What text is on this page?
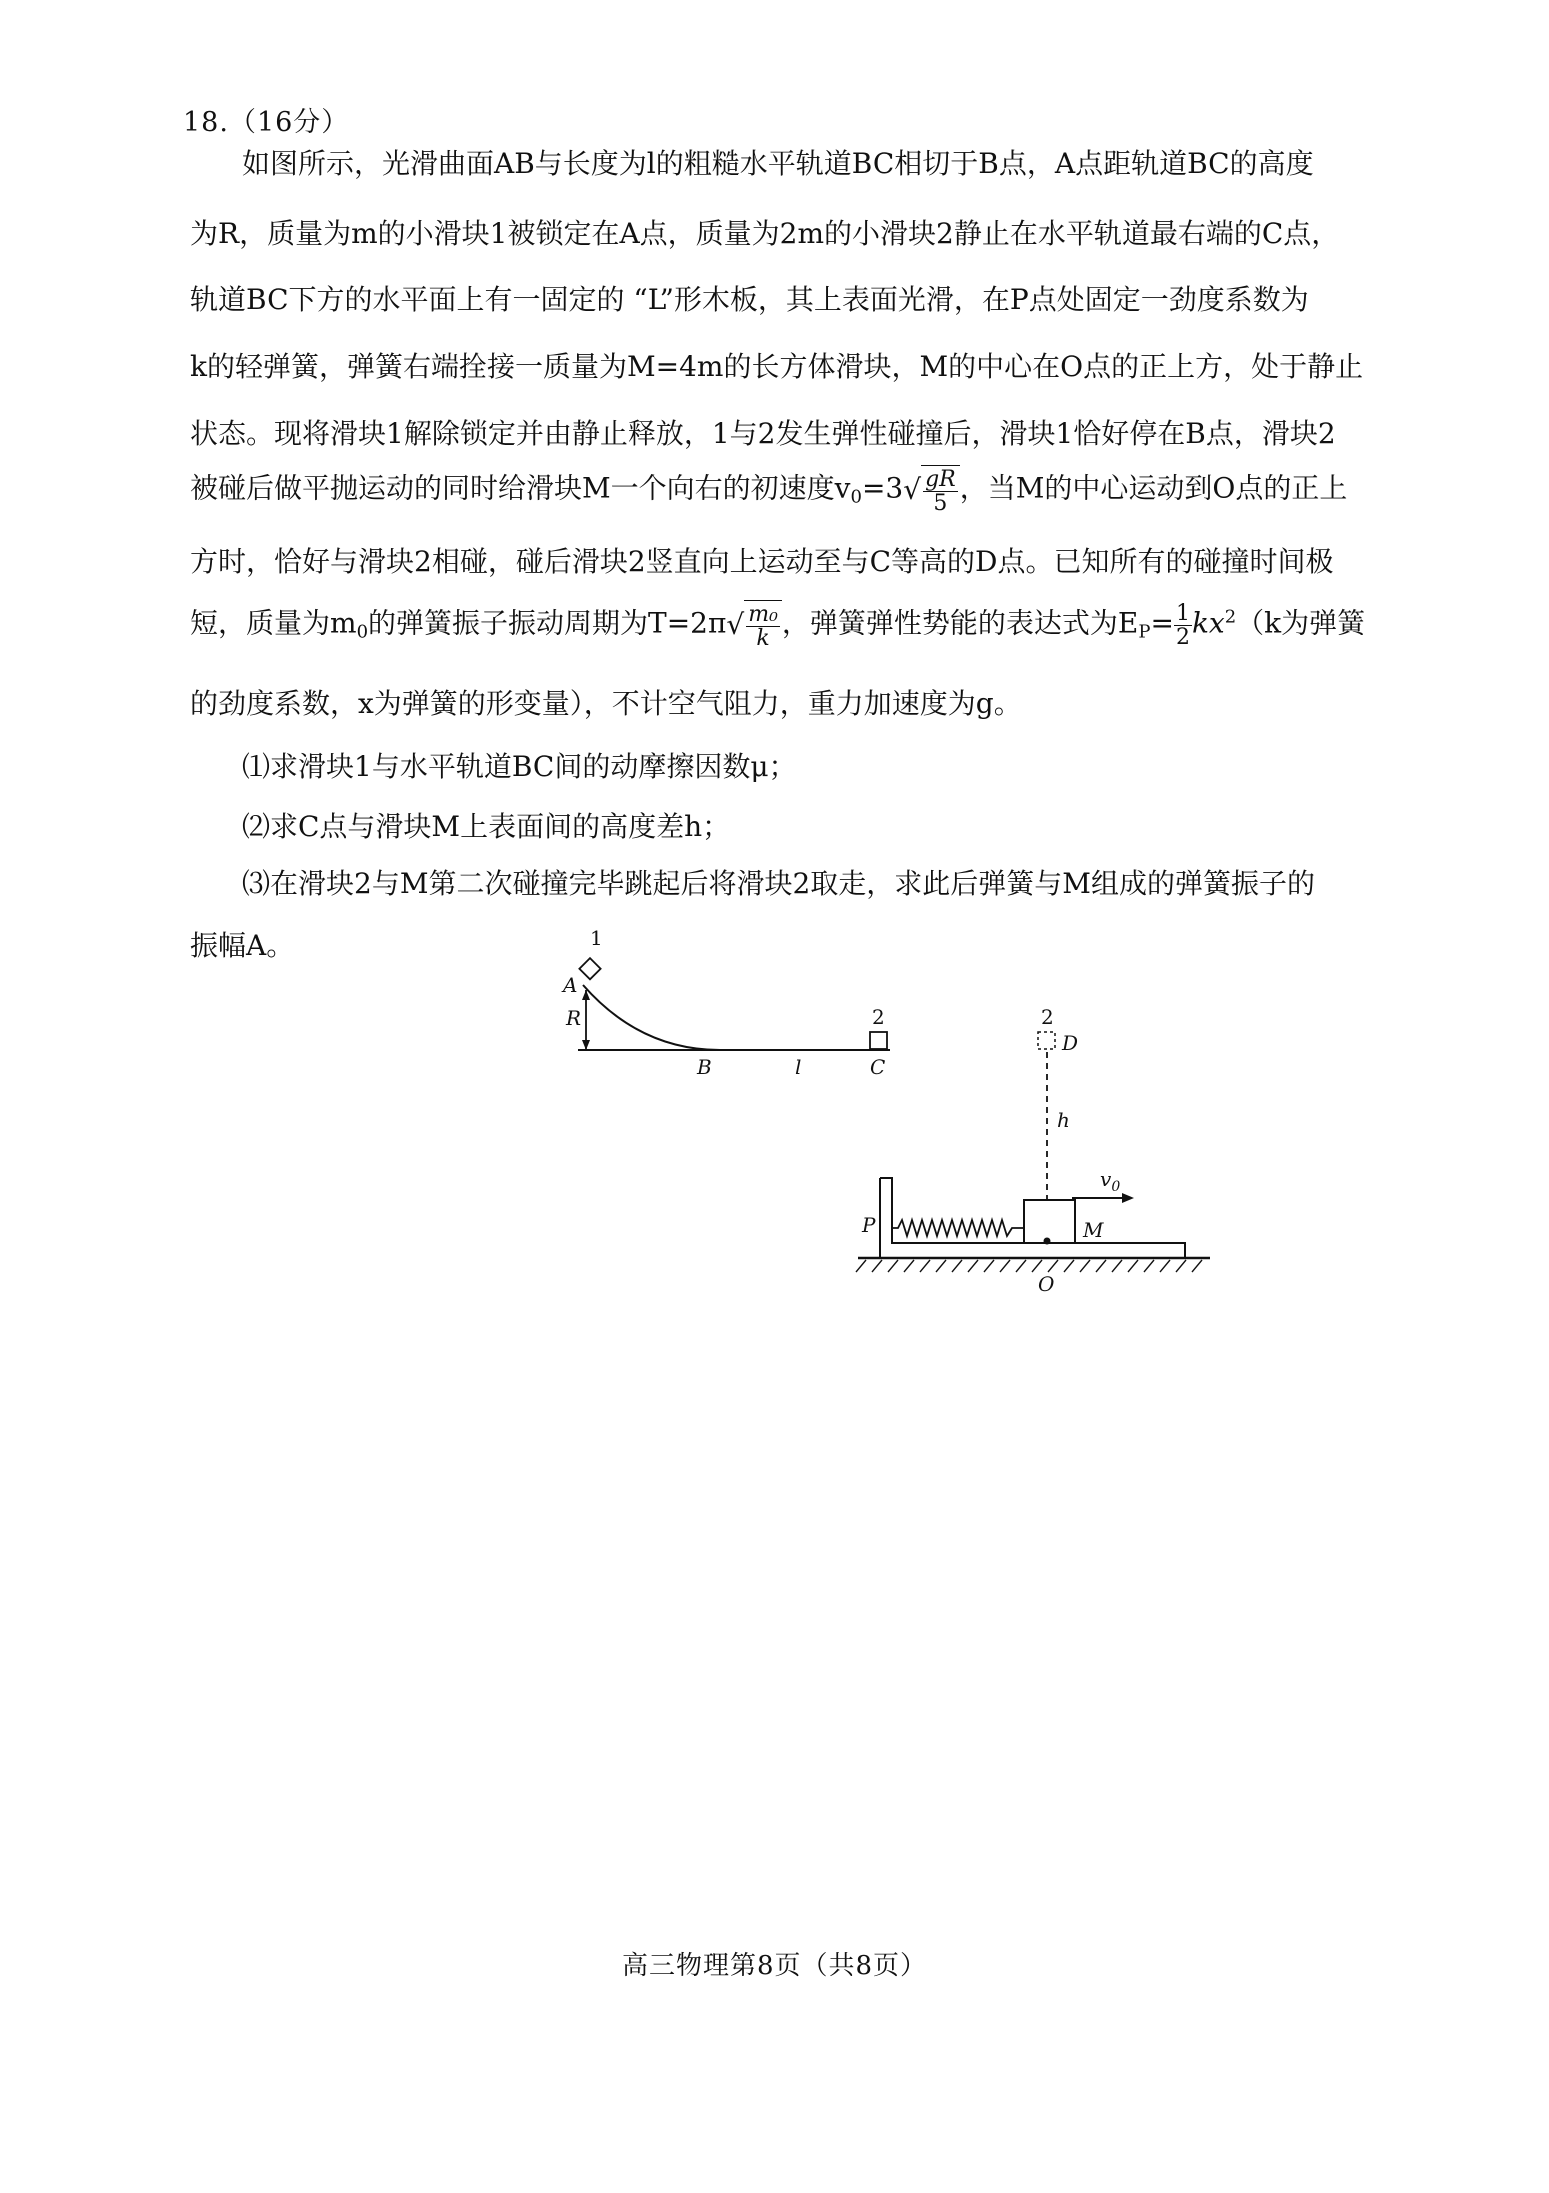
18.（16分）
如图所示，光滑曲面AB与长度为l的粗糙水平轨道BC相切于B点，A点距轨道BC的高度
为R，质量为m的小滑块1被锁定在A点，质量为2m的小滑块2静止在水平轨道最右端的C点，
轨道BC下方的水平面上有一固定的 “L”形木板，其上表面光滑，在P点处固定一劲度系数为
k的轻弹簧，弹簧右端拴接一质量为M=4m的长方体滑块，M的中心在O点的正上方，处于静止
状态。现将滑块1解除锁定并由静止释放，1与2发生弹性碰撞后，滑块1恰好停在B点，滑块2
被碰后做平抛运动的同时给滑块M一个向右的初速度$v_0=3√ \frac{gR}{5}$ ，当M的中心运动到O点的正上
方时，恰好与滑块2相碰，碰后滑块2竖直向上运动至与C等高的D点。已知所有的碰撞时间极
短，质量为$m_0$的弹簧振子振动周期为$T=2\pi√ \frac{\text{m₀}}{k}$ ，弹簧弹性势能的表达式为$E_P= \frac{1}{2} kx^2(k$为弹簧
的劲度系数，x为弹簧的形变量），不计空气阻力，重力加速度为g。
⑴求滑块1与水平轨道BC间的动摩擦因数μ；
⑵求C点与滑块M上表面间的高度差h；
⑶在滑块2与M第二次碰撞完毕跳起后将滑块2取走，求此后弹簧与M组成的弹簧振子的
振幅A。	1
A
R
B	l
2
C
2
D
h
$v_0$
P	M
O
高三物理第8页（共8页）
